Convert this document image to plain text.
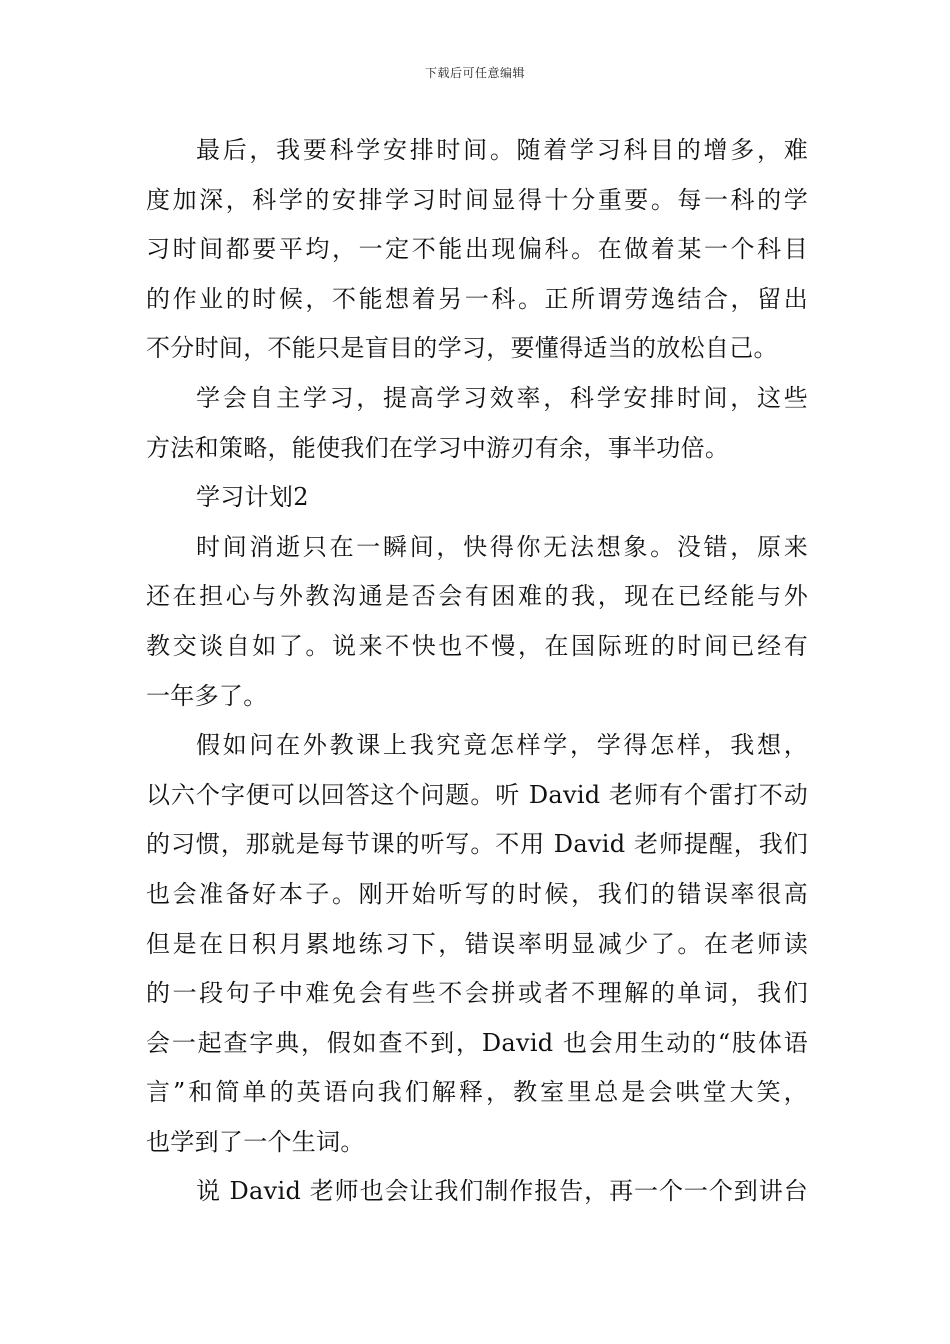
下载后可任意编辑
最后，我要科学安排时间。随着学习科目的增多，难
度加深，科学的安排学习时间显得十分重要。每一科的学
习时间都要平均，一定不能出现偏科。在做着某一个科目
的作业的时候，不能想着另一科。正所谓劳逸结合，留出
不分时间，不能只是盲目的学习，要懂得适当的放松自己。
学会自主学习，提高学习效率，科学安排时间，这些
方法和策略，能使我们在学习中游刃有余，事半功倍。
学习计划2
时间消逝只在一瞬间，快得你无法想象。没错，原来
还在担心与外教沟通是否会有困难的我，现在已经能与外
教交谈自如了。说来不快也不慢，在国际班的时间已经有
一年多了。
假如问在外教课上我究竟怎样学，学得怎样，我想，
以六个字便可以回答这个问题。听 David 老师有个雷打不动
的习惯，那就是每节课的听写。不用 David 老师提醒，我们
也会准备好本子。刚开始听写的时候，我们的错误率很高
但是在日积月累地练习下，错误率明显减少了。在老师读
的一段句子中难免会有些不会拼或者不理解的单词，我们
会一起查字典，假如查不到，David 也会用生动的“肢体语
言”和简单的英语向我们解释，教室里总是会哄堂大笑，
也学到了一个生词。
说 David 老师也会让我们制作报告，再一个一个到讲台
